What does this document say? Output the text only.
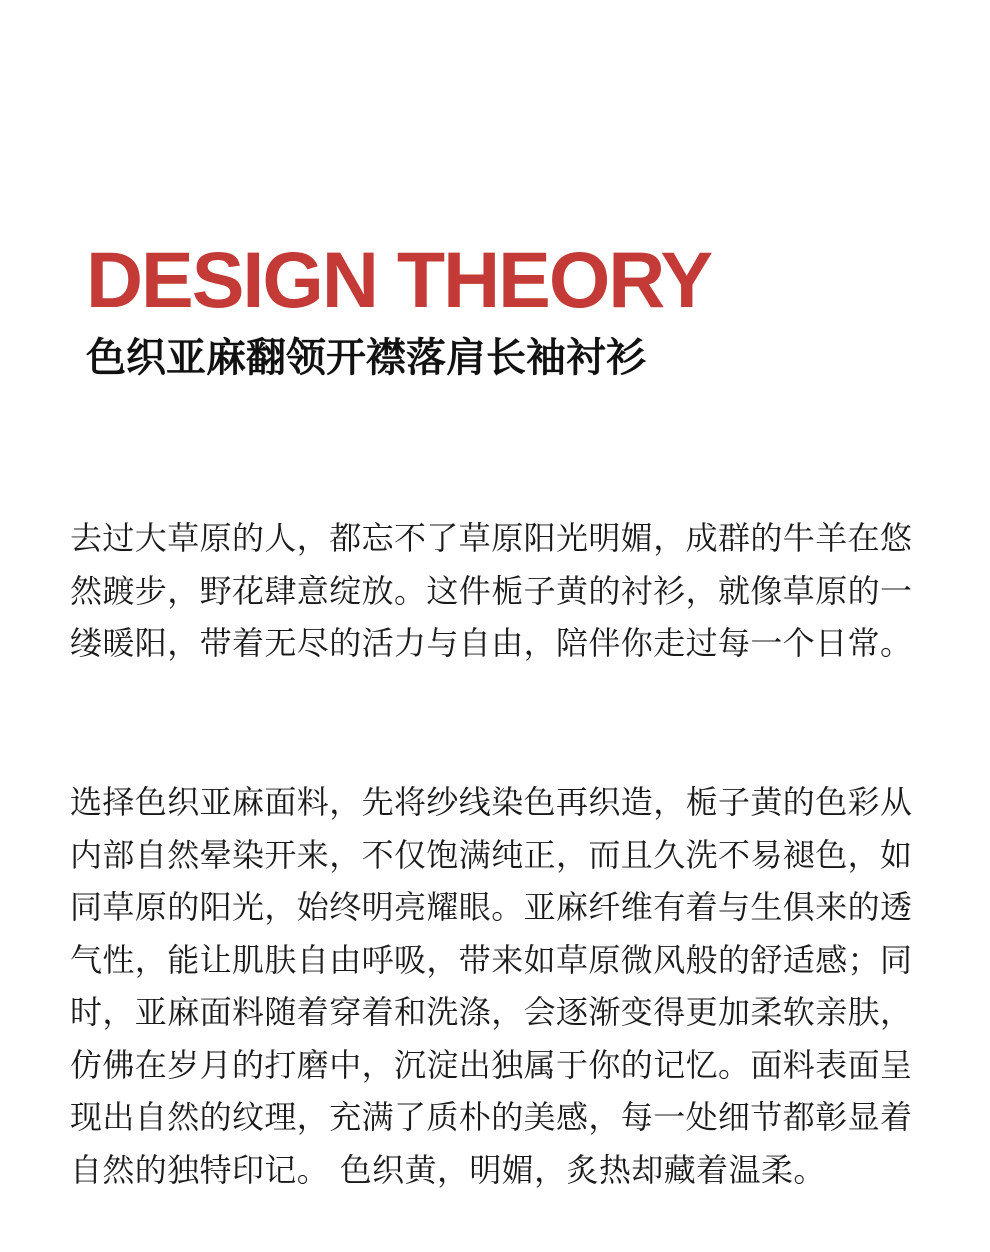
DESIGN THEORY
色织亚麻翻领开襟落肩长袖衬衫

去过大草原的人，都忘不了草原阳光明媚，成群的牛羊在悠然踱步，野花肆意绽放。这件栀子黄的衬衫，就像草原的一缕暖阳，带着无尽的活力与自由，陪伴你走过每一个日常。

选择色织亚麻面料，先将纱线染色再织造，栀子黄的色彩从内部自然晕染开来，不仅饱满纯正，而且久洗不易褪色，如同草原的阳光，始终明亮耀眼。亚麻纤维有着与生俱来的透气性，能让肌肤自由呼吸，带来如草原微风般的舒适感；同时，亚麻面料随着穿着和洗涤，会逐渐变得更加柔软亲肤，仿佛在岁月的打磨中，沉淀出独属于你的记忆。面料表面呈现出自然的纹理，充满了质朴的美感，每一处细节都彰显着自然的独特印记。 色织黄，明媚，炙热却藏着温柔。
